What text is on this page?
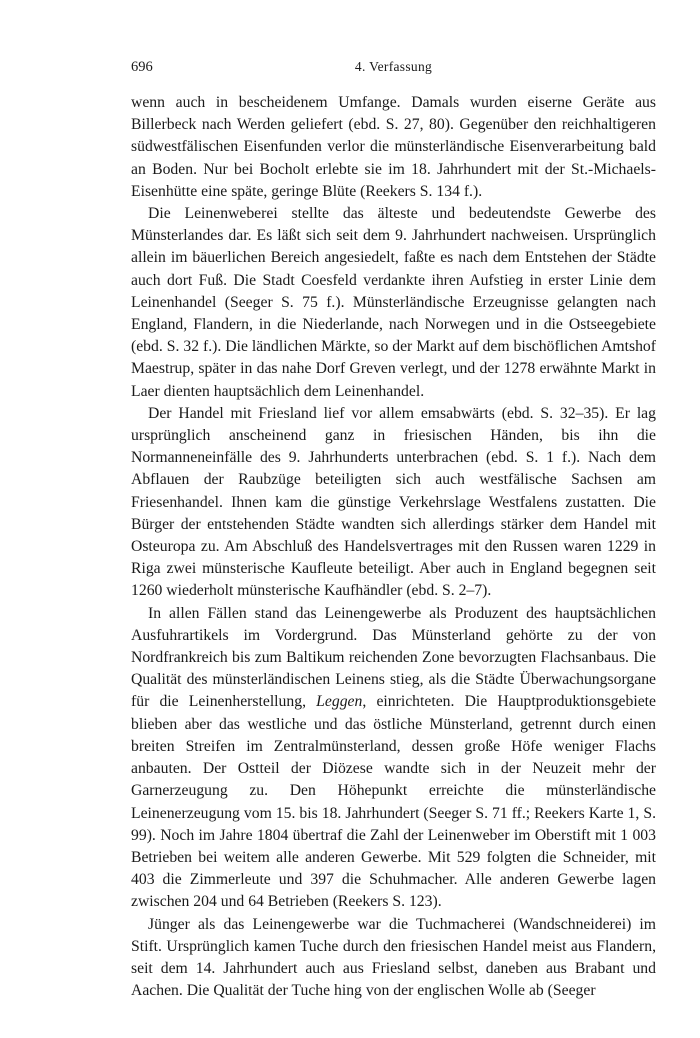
696	4. Verfassung

wenn auch in bescheidenem Umfange. Damals wurden eiserne Geräte aus Billerbeck nach Werden geliefert (ebd. S. 27, 80). Gegenüber den reichhaltigeren südwestfälischen Eisenfunden verlor die münsterländische Eisenverarbeitung bald an Boden. Nur bei Bocholt erlebte sie im 18. Jahrhundert mit der St.-Michaels-Eisenhütte eine späte, geringe Blüte (Reekers S. 134 f.).

Die Leinenweberei stellte das älteste und bedeutendste Gewerbe des Münsterlandes dar. Es läßt sich seit dem 9. Jahrhundert nachweisen. Ursprünglich allein im bäuerlichen Bereich angesiedelt, faßte es nach dem Entstehen der Städte auch dort Fuß. Die Stadt Coesfeld verdankte ihren Aufstieg in erster Linie dem Leinenhandel (Seeger S. 75 f.). Münsterländische Erzeugnisse gelangten nach England, Flandern, in die Niederlande, nach Norwegen und in die Ostseegebiete (ebd. S. 32 f.). Die ländlichen Märkte, so der Markt auf dem bischöflichen Amtshof Maestrup, später in das nahe Dorf Greven verlegt, und der 1278 erwähnte Markt in Laer dienten hauptsächlich dem Leinenhandel.

Der Handel mit Friesland lief vor allem emsabwärts (ebd. S. 32–35). Er lag ursprünglich anscheinend ganz in friesischen Händen, bis ihn die Normanneneinfälle des 9. Jahrhunderts unterbrachen (ebd. S. 1 f.). Nach dem Abflauen der Raubzüge beteiligten sich auch westfälische Sachsen am Friesenhandel. Ihnen kam die günstige Verkehrslage Westfalens zustatten. Die Bürger der entstehenden Städte wandten sich allerdings stärker dem Handel mit Osteuropa zu. Am Abschluß des Handelsvertrages mit den Russen waren 1229 in Riga zwei münsterische Kaufleute beteiligt. Aber auch in England begegnen seit 1260 wiederholt münsterische Kaufhändler (ebd. S. 2–7).

In allen Fällen stand das Leinengewerbe als Produzent des hauptsächlichen Ausfuhrartikels im Vordergrund. Das Münsterland gehörte zu der von Nordfrankreich bis zum Baltikum reichenden Zone bevorzugten Flachsanbaus. Die Qualität des münsterländischen Leinens stieg, als die Städte Überwachungsorgane für die Leinenherstellung, Leggen, einrichteten. Die Hauptproduktionsgebiete blieben aber das westliche und das östliche Münsterland, getrennt durch einen breiten Streifen im Zentralmünsterland, dessen große Höfe weniger Flachs anbauten. Der Ostteil der Diözese wandte sich in der Neuzeit mehr der Garnerzeugung zu. Den Höhepunkt erreichte die münsterländische Leinenerzeugung vom 15. bis 18. Jahrhundert (Seeger S. 71 ff.; Reekers Karte 1, S. 99). Noch im Jahre 1804 übertraf die Zahl der Leinenweber im Oberstift mit 1 003 Betrieben bei weitem alle anderen Gewerbe. Mit 529 folgten die Schneider, mit 403 die Zimmerleute und 397 die Schuhmacher. Alle anderen Gewerbe lagen zwischen 204 und 64 Betrieben (Reekers S. 123).

Jünger als das Leinengewerbe war die Tuchmacherei (Wandschneiderei) im Stift. Ursprünglich kamen Tuche durch den friesischen Handel meist aus Flandern, seit dem 14. Jahrhundert auch aus Friesland selbst, daneben aus Brabant und Aachen. Die Qualität der Tuche hing von der englischen Wolle ab (Seeger
